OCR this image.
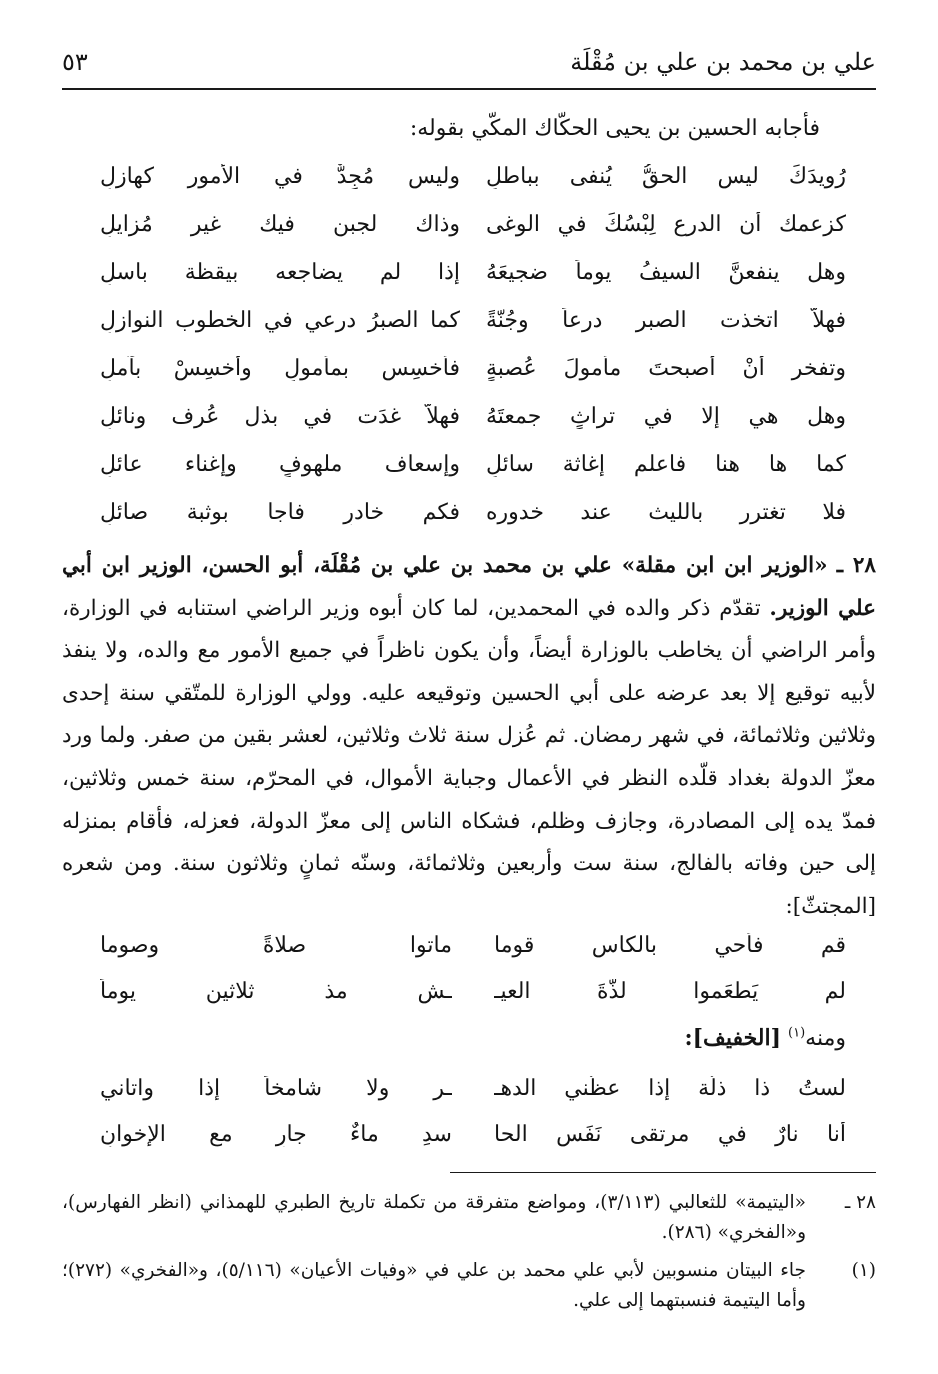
علي بن محمد بن علي بن مُقْلَة
٥٣
فأجابه الحسين بن يحيى الحكّاك المكّي بقوله:
رُويدَكَ ليس الحقُّ يُنفى بباطلٍ
وليس مُجِدٌّ في الأمور كهازِلِ
كزعمك أن الدرع لِبْسُكَ في الوغى
وذاك لجبنٍ فيك غيرِ مُزايلِ
وهل ينفعنَّ السيفُ يوماً ضجيعَهُ
إذا لم يضاجعه بيقظة باسلِ
فهلاّ اتخذت الصبر درعاً وجُنّةً
كما الصبرُ درعي في الخطوب النوازلِ
وتفخر أنْ أصبحتَ مأمولَ عُصبةٍ
فأخسِس بمأمولٍ وأخسِسْ بآملِ
وهل هي إلا في تراثٍ جمعتَهُ
فهلاّ غدَت في بذل عُرف ونائلِ
كما ها هنا فاعلم إغاثة سائلٍ
وإسعاف ملهوفٍ وإغناء عائلِ
فلا تغترر بالليث عند خدوره
فكم خادرٍ فاجا بوثبة صائلِ
٢٨ ـ «الوزير ابن ابن مقلة» علي بن محمد بن علي بن مُقْلَة، أبو الحسن، الوزير ابن أبي علي الوزير. تقدّم ذكر والده في المحمدين، لما كان أبوه وزير الراضي استنابه في الوزارة، وأمر الراضي أن يخاطب بالوزارة أيضاً، وأن يكون ناظراً في جميع الأمور مع والده، ولا ينفذ لأبيه توقيع إلا بعد عرضه على أبي الحسين وتوقيعه عليه. وولي الوزارة للمتّقي سنة إحدى وثلاثين وثلاثمائة، في شهر رمضان. ثم عُزل سنة ثلاث وثلاثين، لعشر بقين من صفر. ولما ورد معزّ الدولة بغداد قلّده النظر في الأعمال وجباية الأموال، في المحرّم، سنة خمس وثلاثين، فمدّ يده إلى المصادرة، وجازف وظلم، فشكاه الناس إلى معزّ الدولة، فعزله، فأقام بمنزله إلى حين وفاته بالفالج، سنة ست وأربعين وثلاثمائة، وسنّه ثمانٍ وثلاثون سنة. ومن شعره [المجتثّ]:
قم فأحيِ بالكاسِ قوما
ماتوا صلاةً وصوما
لم يَطعَموا لذّةَ العيـ
ـشِ مذ ثلاثين يوماً
ومنه$^{(١)}$ [الخفيف]:
لستُ ذا ذلّة إذا عظّني الدهـ
ـر ولا شامخاً إذا واتاني
أنا نارٌ في مرتقى نَفَسِ الحا
سدِ ماءٌ جارٍ مع الإخوانِ
٢٨ ـ
«اليتيمة» للثعالبي (٣/١١٣)، ومواضع متفرقة من تكملة تاريخ الطبري للهمذاني (انظر الفهارس)، و«الفخري» (٢٨٦).
(١)
جاء البيتان منسوبين لأبي علي محمد بن علي في «وفيات الأعيان» (٥/١١٦)، و«الفخري» (٢٧٢)؛ وأما اليتيمة فنسبتهما إلى علي.
